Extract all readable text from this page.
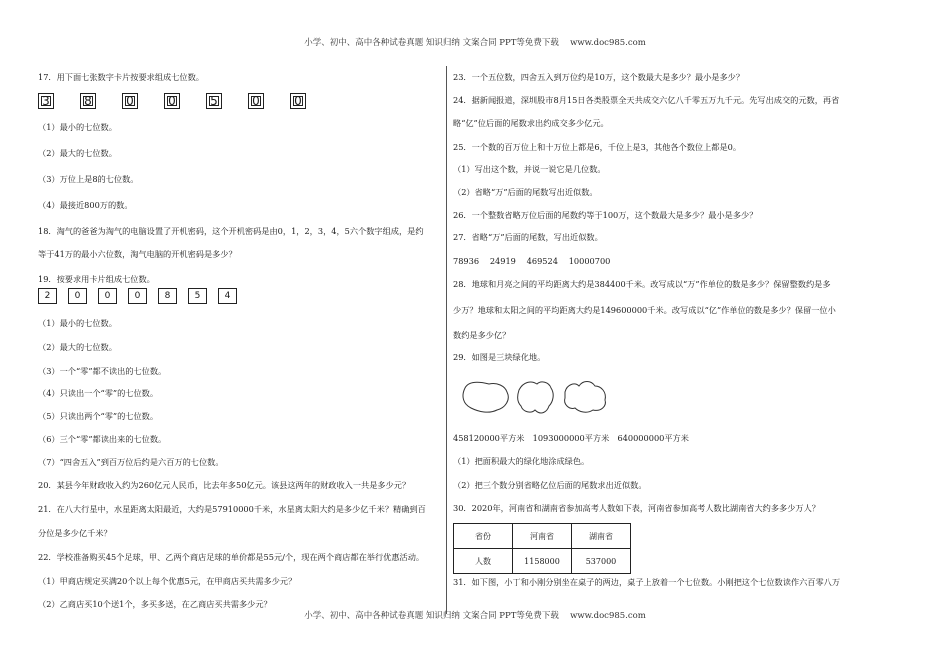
小学、初中、高中各种试卷真题 知识归纳 文案合同 PPT等免费下载　 www.doc985.com

17．用下面七张数字卡片按要求组成七位数。

3	8	0	0	5	0	0

（1）最小的七位数。

（2）最大的七位数。

（3）万位上是8的七位数。

（4）最接近800万的数。

18．淘气的爸爸为淘气的电脑设置了开机密码，这个开机密码是由0，1，2，3，4，5六个数字组成，是约

等于41万的最小六位数，淘气电脑的开机密码是多少？

19．按要求用卡片组成七位数。

2	0	0	0	8	5	4

（1）最小的七位数。

（2）最大的七位数。

（3）一个“零”都不读出的七位数。

（4）只读出一个“零”的七位数。

（5）只读出两个“零”的七位数。

（6）三个“零”都读出来的七位数。

（7）“四舍五入”到百万位后约是六百万的七位数。

20．某县今年财政收入约为260亿元人民币，比去年多50亿元。该县这两年的财政收入一共是多少元？

21．在八大行星中，水星距离太阳最近，大约是57910000千米，水星离太阳大约是多少亿千米？精确到百

分位是多少亿千米？

22．学校准备购买45个足球，甲、乙两个商店足球的单价都是55元/个，现在两个商店都在举行优惠活动。

（1）甲商店规定买满20个以上每个优惠5元，在甲商店买共需多少元？

（2）乙商店买10个送1个，多买多送，在乙商店买共需多少元？

23．一个五位数，四舍五入到万位约是10万，这个数最大是多少？最小是多少？

24．据新闻报道，深圳股市8月15日各类股票全天共成交六亿八千零五万九千元。先写出成交的元数，再省

略“亿”位后面的尾数求出约成交多少亿元。

25．一个数的百万位上和十万位上都是6，千位上是3，其他各个数位上都是0。

（1）写出这个数，并说一说它是几位数。

（2）省略“万”后面的尾数写出近似数。

26．一个整数省略万位后面的尾数约等于100万，这个数最大是多少？最小是多少？

27．省略“万”后面的尾数，写出近似数。

78936　 24919　 469524　 10000700

28．地球和月亮之间的平均距离大约是384400千米。改写成以“万”作单位的数是多少？保留整数约是多

少万？地球和太阳之间的平均距离大约是149600000千米。改写成以“亿”作单位的数是多少？保留一位小

数约是多少亿？

29．如图是三块绿化地。

458120000平方米　1093000000平方米　640000000平方米

（1）把面积最大的绿化地涂成绿色。

（2）把三个数分别省略亿位后面的尾数求出近似数。

30．2020年，河南省和湖南省参加高考人数如下表，河南省参加高考人数比湖南省大约多多少万人？

省份	河南省	湖南省
人数	1158000	537000

31．如下图，小丁和小刚分别坐在桌子的两边，桌子上放着一个七位数。小刚把这个七位数读作六百零八万

小学、初中、高中各种试卷真题 知识归纳 文案合同 PPT等免费下载　 www.doc985.com
